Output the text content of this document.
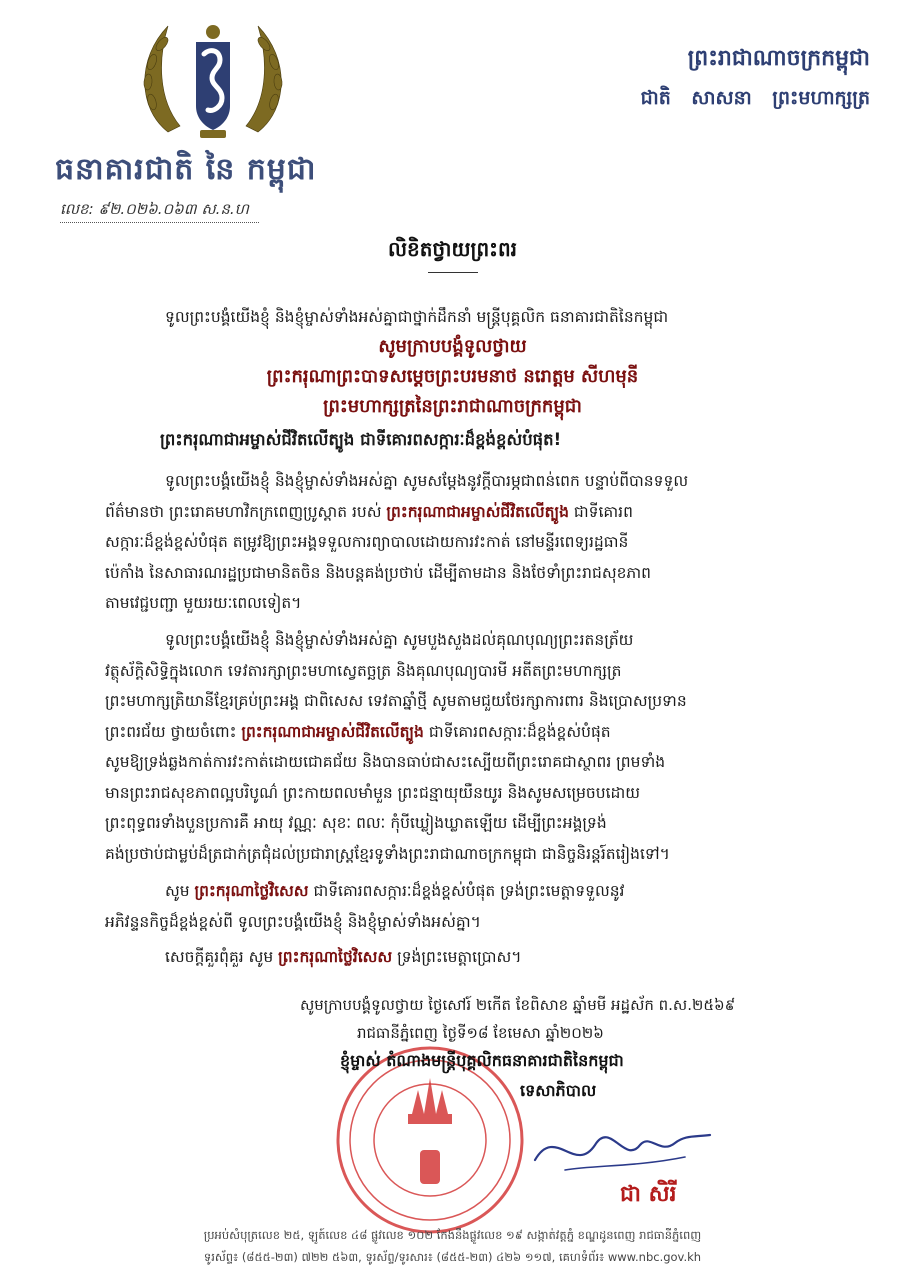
ធនាគារជាតិ នៃ កម្ពុជា
ព្រះរាជាណាចក្រកម្ពុជា
ជាតិ សាសនា ព្រះមហាក្សត្រ
លេខ: ៩២.០២៦.០៦៣ ស.ន.ហ
លិខិតថ្វាយព្រះពរ
ទូលព្រះបង្គំយើងខ្ញុំ និងខ្ញុំម្ចាស់ទាំងអស់គ្នាជាថ្នាក់ដឹកនាំ មន្ត្រីបុគ្គលិក ធនាគារជាតិនៃកម្ពុជា
សូមក្រាបបង្គំទូលថ្វាយ
ព្រះករុណាព្រះបាទសម្តេចព្រះបរមនាថ នរោត្តម សីហមុនី
ព្រះមហាក្សត្រនៃព្រះរាជាណាចក្រកម្ពុជា
ព្រះករុណាជាអម្ចាស់ជីវិតលើត្បូង ជាទីគោរពសក្ការៈដ៏ខ្ពង់ខ្ពស់បំផុត!
ទូលព្រះបង្គំយើងខ្ញុំ និងខ្ញុំម្ចាស់ទាំងអស់គ្នា សូមសម្តែងនូវក្តីបារម្ភជាពន់ពេក បន្ទាប់ពីបានទទួល
ព័ត៌មានថា ព្រះរោគមហាវិកក្រពេញប្រូស្តាត របស់ ព្រះករុណាជាអម្ចាស់ជីវិតលើត្បូង ជាទីគោរព
សក្ការៈដ៏ខ្ពង់ខ្ពស់បំផុត តម្រូវឱ្យព្រះអង្គទទួលការព្យាបាលដោយការវះកាត់ នៅមន្ទីរពេទ្យរដ្ឋធានី
ប៉េកាំង នៃសាធារណរដ្ឋប្រជាមានិតចិន និងបន្តគង់ប្រថាប់ ដើម្បីតាមដាន និងថែទាំព្រះរាជសុខភាព
តាមវេជ្ជបញ្ជា មួយរយៈពេលទៀត។
ទូលព្រះបង្គំយើងខ្ញុំ និងខ្ញុំម្ចាស់ទាំងអស់គ្នា សូមបួងសួងដល់គុណបុណ្យព្រះរតនត្រ័យ
វត្ថុស័ក្តិសិទ្ធិក្នុងលោក ទេវតារក្សាព្រះមហាស្វេតច្ឆត្រ និងគុណបុណ្យបារមី អតីតព្រះមហាក្សត្រ
ព្រះមហាក្សត្រិយានីខ្មែរគ្រប់ព្រះអង្គ ជាពិសេស ទេវតាឆ្នាំថ្មី សូមតាមជួយថែរក្សាការពារ និងប្រោសប្រទាន
ព្រះពរជ័យ ថ្វាយចំពោះ ព្រះករុណាជាអម្ចាស់ជីវិតលើត្បូង ជាទីគោរពសក្ការៈដ៏ខ្ពង់ខ្ពស់បំផុត
សូមឱ្យទ្រង់ឆ្លងកាត់ការវះកាត់ដោយជោគជ័យ និងបានធាប់ជាសះស្បើយពីព្រះរោគជាស្ថាពរ ព្រមទាំង
មានព្រះរាជសុខភាពល្អបរិបូណ៌ ព្រះកាយពលមាំមួន ព្រះជន្មាយុយឺនយូរ និងសូមសម្រេចបដោយ
ព្រះពុទ្ធពរទាំងបួនប្រការគឺ អាយុ វណ្ណៈ សុខៈ ពលៈ កុំបីឃ្លៀងឃ្លាតឡើយ ដើម្បីព្រះអង្គទ្រង់
គង់ប្រថាប់ជាម្លប់ដ៏ត្រជាក់ត្រជុំដល់ប្រជារាស្ត្រខ្មែរទូទាំងព្រះរាជាណាចក្រកម្ពុជា ជានិច្ចនិរន្តរ៍តរៀងទៅ។
សូម ព្រះករុណាថ្លៃវិសេស ជាទីគោរពសក្ការៈដ៏ខ្ពង់ខ្ពស់បំផុត ទ្រង់ព្រះមេត្តាទទួលនូវ
អភិវន្ទនកិច្ចដ៏ខ្ពង់ខ្ពស់ពី ទូលព្រះបង្គំយើងខ្ញុំ និងខ្ញុំម្ចាស់ទាំងអស់គ្នា។
សេចក្តីគួរពុំគួរ សូម ព្រះករុណាថ្លៃវិសេស ទ្រង់ព្រះមេត្តាប្រោស។
សូមក្រាបបង្គំទូលថ្វាយ ថ្ងៃសៅរ៍ ២កើត ខែពិសាខ ឆ្នាំមមី អដ្ឋស័ក ព.ស.២៥៦៩
រាជធានីភ្នំពេញ ថ្ងៃទី១៨ ខែមេសា ឆ្នាំ២០២៦
ខ្ញុំម្ចាស់ តំណាងមន្ត្រីបុគ្គលិកធនាគារជាតិនៃកម្ពុជា
ទេសាភិបាល
ជា សិរី
ប្រអប់សំបុត្រលេខ ២៥, ឡូត៍លេខ ៤៨ ផ្លូវលេខ ១០២ កែងនឹងផ្លូវលេខ ១៩ សង្កាត់វត្តភ្នំ ខណ្ឌដូនពេញ រាជធានីភ្នំពេញ
ទូរស័ព្ទ៖ (៨៥៥-២៣) ៧២២ ៥៦៣, ទូរស័ព្ទ/ទូរសារ៖ (៨៥៥-២៣) ៤២៦ ១១៧, គេហទំព័រ៖ www.nbc.gov.kh
